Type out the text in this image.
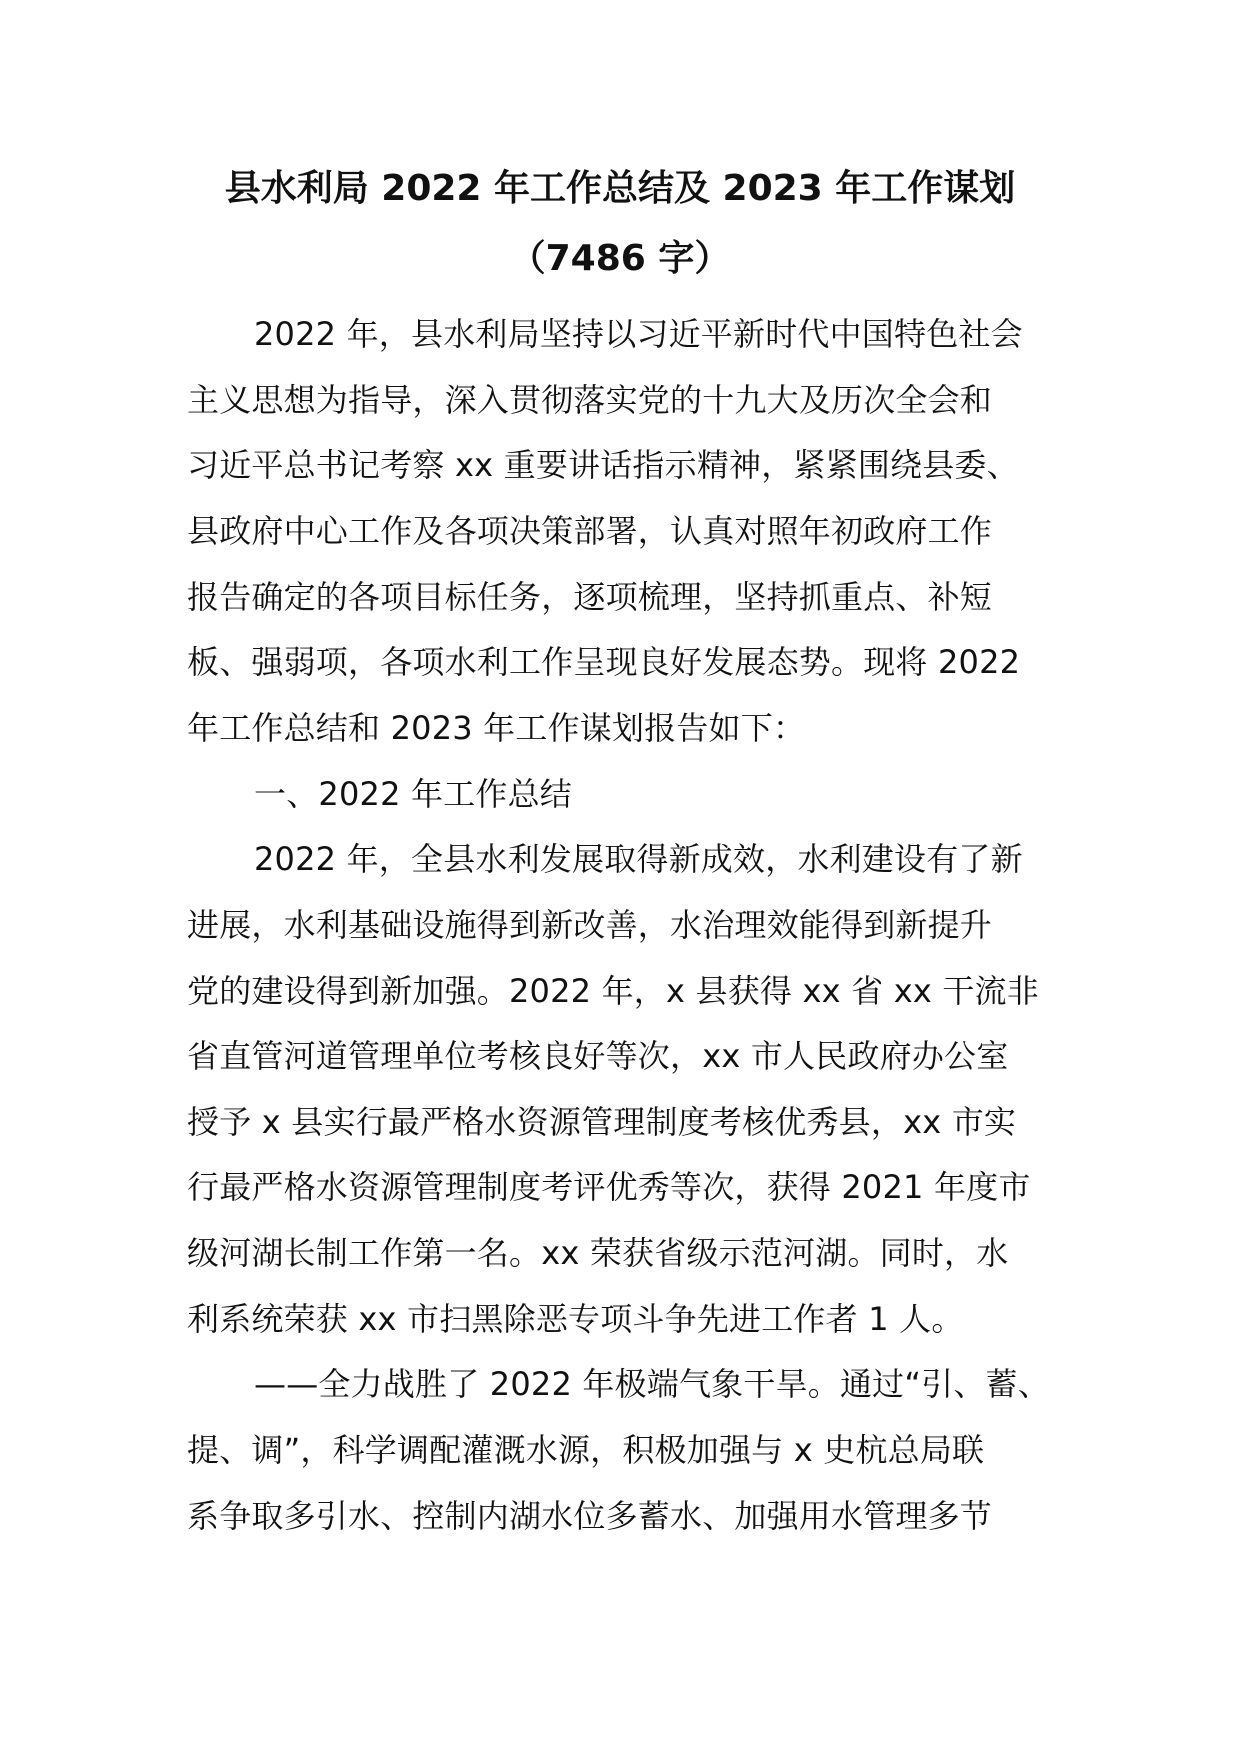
县水利局 2022 年工作总结及 2023 年工作谋划
（7486 字）
2022 年，县水利局坚持以习近平新时代中国特色社会
主义思想为指导，深入贯彻落实党的十九大及历次全会和
习近平总书记考察 xx 重要讲话指示精神，紧紧围绕县委、
县政府中心工作及各项决策部署，认真对照年初政府工作
报告确定的各项目标任务，逐项梳理，坚持抓重点、补短
板、强弱项，各项水利工作呈现良好发展态势。现将 2022
年工作总结和 2023 年工作谋划报告如下：
一、2022 年工作总结
2022 年，全县水利发展取得新成效，水利建设有了新
进展，水利基础设施得到新改善，水治理效能得到新提升
党的建设得到新加强。2022 年，x 县获得 xx 省 xx 干流非
省直管河道管理单位考核良好等次，xx 市人民政府办公室
授予 x 县实行最严格水资源管理制度考核优秀县，xx 市实
行最严格水资源管理制度考评优秀等次，获得 2021 年度市
级河湖长制工作第一名。xx 荣获省级示范河湖。同时，水
利系统荣获 xx 市扫黑除恶专项斗争先进工作者 1 人。
——全力战胜了 2022 年极端气象干旱。通过“引、蓄、
提、调”，科学调配灌溉水源，积极加强与 x 史杭总局联
系争取多引水、控制内湖水位多蓄水、加强用水管理多节
